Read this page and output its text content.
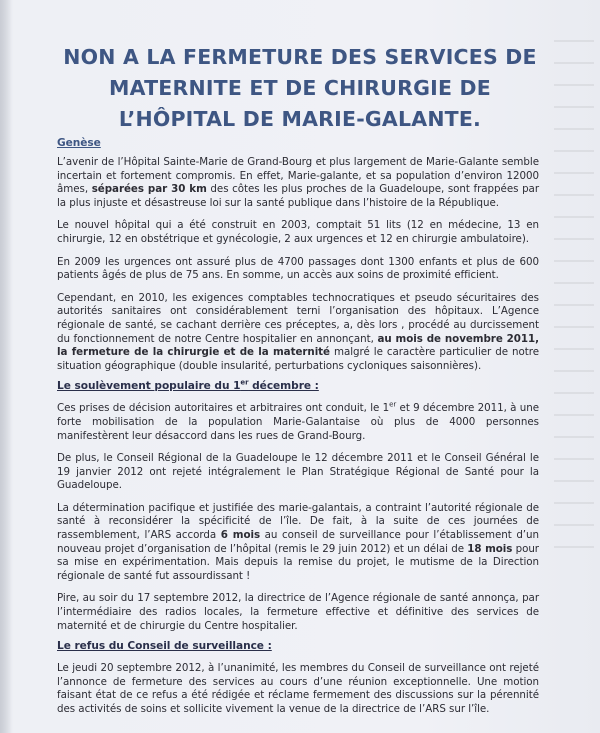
NON A LA FERMETURE DES SERVICES DE MATERNITE ET DE CHIRURGIE DE L’HÔPITAL DE MARIE-GALANTE.
Genèse

L’avenir de l’Hôpital Sainte-Marie de Grand-Bourg et plus largement de Marie-Galante semble incertain et fortement compromis. En effet, Marie-galante, et sa population d’environ 12000 âmes, séparées par 30 km des côtes les plus proches de la Guadeloupe, sont frappées par la plus injuste et désastreuse loi sur la santé publique dans l’histoire de la République.

Le nouvel hôpital qui a été construit en 2003, comptait 51 lits (12 en médecine, 13 en chirurgie, 12 en obstétrique et gynécologie, 2 aux urgences et 12 en chirurgie ambulatoire).

En 2009 les urgences ont assuré plus de 4700 passages dont 1300 enfants et plus de 600 patients âgés de plus de 75 ans. En somme, un accès aux soins de proximité efficient.

Cependant, en 2010, les exigences comptables technocratiques et pseudo sécuritaires des autorités sanitaires ont considérablement terni l’organisation des hôpitaux. L’Agence régionale de santé, se cachant derrière ces préceptes, a, dès lors , procédé au durcissement du fonctionnement de notre Centre hospitalier en annonçant, au mois de novembre 2011, la fermeture de la chirurgie et de la maternité malgré le caractère particulier de notre situation géographique (double insularité, perturbations cycloniques saisonnières).

Le soulèvement populaire du 1er décembre :

Ces prises de décision autoritaires et arbitraires ont conduit, le 1er et 9 décembre 2011, à une forte mobilisation de la population Marie-Galantaise où plus de 4000 personnes manifestèrent leur désaccord dans les rues de Grand-Bourg.

De plus, le Conseil Régional de la Guadeloupe le 12 décembre 2011 et le Conseil Général le 19 janvier 2012 ont rejeté intégralement le Plan Stratégique Régional de Santé pour la Guadeloupe.

La détermination pacifique et justifiée des marie-galantais, a contraint l’autorité régionale de santé à reconsidérer la spécificité de l’île. De fait, à la suite de ces journées de rassemblement, l’ARS accorda 6 mois au conseil de surveillance pour l’établissement d’un nouveau projet d’organisation de l’hôpital (remis le 29 juin 2012) et un délai de 18 mois pour sa mise en expérimentation. Mais depuis la remise du projet, le mutisme de la Direction régionale de santé fut assourdissant !

Pire, au soir du 17 septembre 2012, la directrice de l’Agence régionale de santé annonça, par l’intermédiaire des radios locales, la fermeture effective et définitive des services de maternité et de chirurgie du Centre hospitalier.

Le refus du Conseil de surveillance :

Le jeudi 20 septembre 2012, à l’unanimité, les membres du Conseil de surveillance ont rejeté l’annonce de fermeture des services au cours d’une réunion exceptionnelle. Une motion faisant état de ce refus a été rédigée et réclame fermement des discussions sur la pérennité des activités de soins et sollicite vivement la venue de la directrice de l’ARS sur l’île.
